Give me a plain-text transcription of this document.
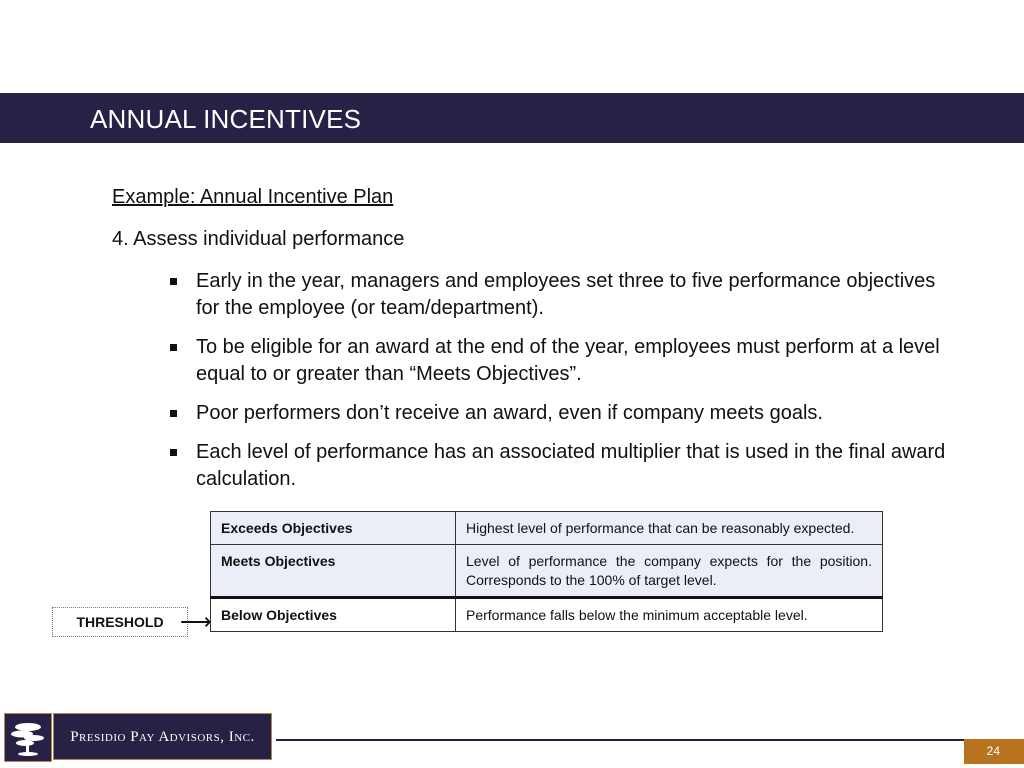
ANNUAL INCENTIVES
Example: Annual Incentive Plan
4. Assess individual performance
Early in the year, managers and employees set three to five performance objectives for the employee (or team/department).
To be eligible for an award at the end of the year, employees must perform at a level equal to or greater than “Meets Objectives”.
Poor performers don’t receive an award, even if company meets goals.
Each level of performance has an associated multiplier that is used in the final award calculation.
Exceeds Objectives	Highest level of performance that can be reasonably expected.
Meets Objectives	Level of performance the company expects for the position. Corresponds to the 100% of target level.
Below Objectives	Performance falls below the minimum acceptable level.
THRESHOLD ⟶
Presidio Pay Advisors, Inc.
24
